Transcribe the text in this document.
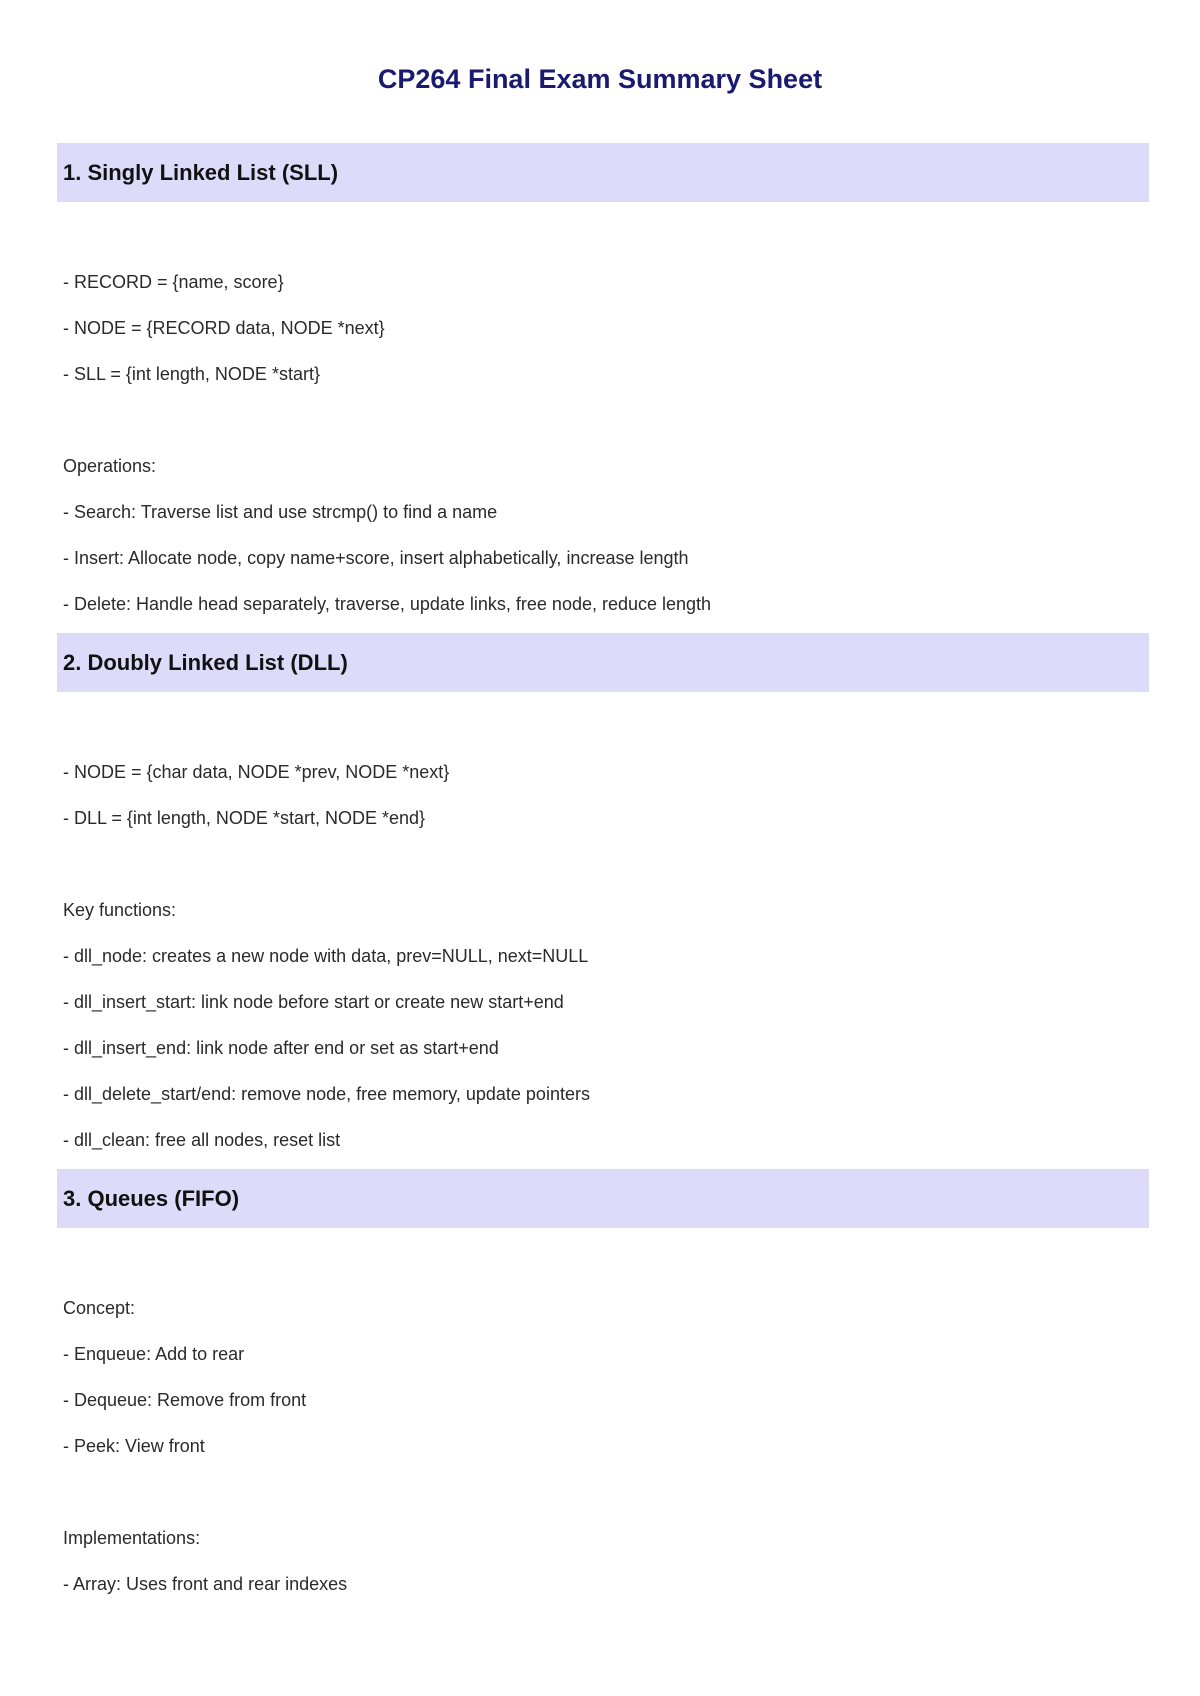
CP264 Final Exam Summary Sheet
1. Singly Linked List (SLL)

- RECORD = {name, score}

- NODE = {RECORD data, NODE *next}

- SLL = {int length, NODE *start}

Operations:

- Search: Traverse list and use strcmp() to find a name

- Insert: Allocate node, copy name+score, insert alphabetically, increase length

- Delete: Handle head separately, traverse, update links, free node, reduce length

2. Doubly Linked List (DLL)

- NODE = {char data, NODE *prev, NODE *next}

- DLL = {int length, NODE *start, NODE *end}

Key functions:

- dll_node: creates a new node with data, prev=NULL, next=NULL

- dll_insert_start: link node before start or create new start+end

- dll_insert_end: link node after end or set as start+end

- dll_delete_start/end: remove node, free memory, update pointers

- dll_clean: free all nodes, reset list

3. Queues (FIFO)

Concept:

- Enqueue: Add to rear

- Dequeue: Remove from front

- Peek: View front

Implementations:

- Array: Uses front and rear indexes
